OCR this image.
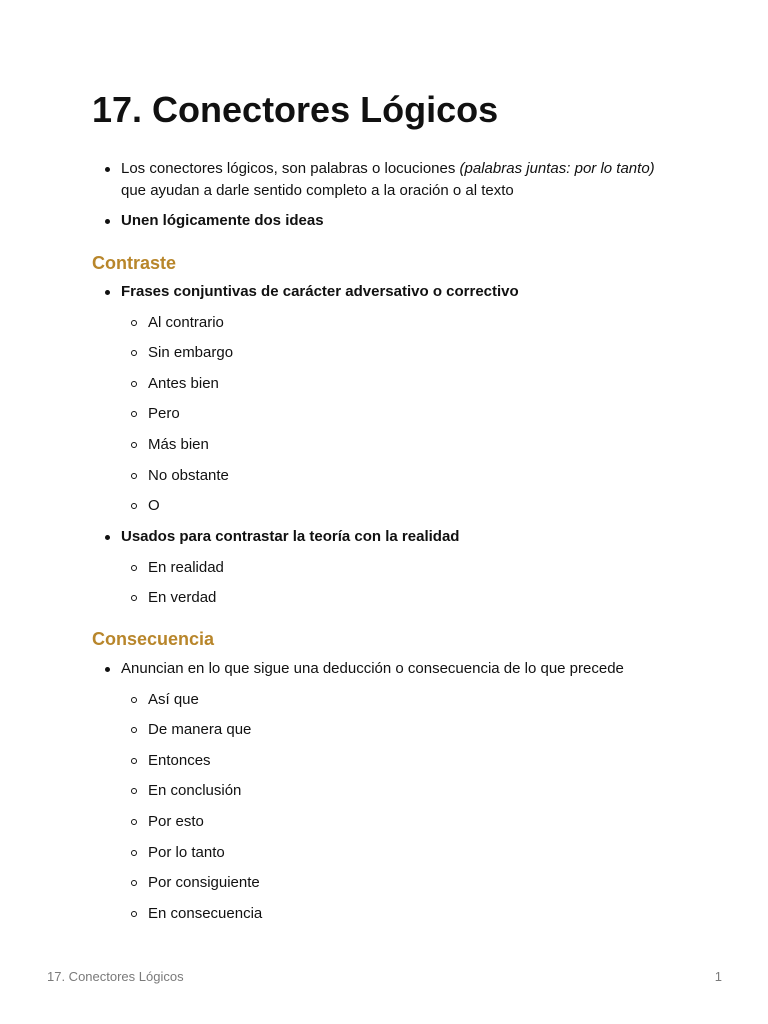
17. Conectores Lógicos
Los conectores lógicos, son palabras o locuciones (palabras juntas: por lo tanto)
que ayudan a darle sentido completo a la oración o al texto
Unen lógicamente dos ideas
Contraste
Frases conjuntivas de carácter adversativo o correctivo
Al contrario
Sin embargo
Antes bien
Pero
Más bien
No obstante
O
Usados para contrastar la teoría con la realidad
En realidad
En verdad
Consecuencia
Anuncian en lo que sigue una deducción o consecuencia de lo que precede
Así que
De manera que
Entonces
En conclusión
Por esto
Por lo tanto
Por consiguiente
En consecuencia
17. Conectores Lógicos	1
